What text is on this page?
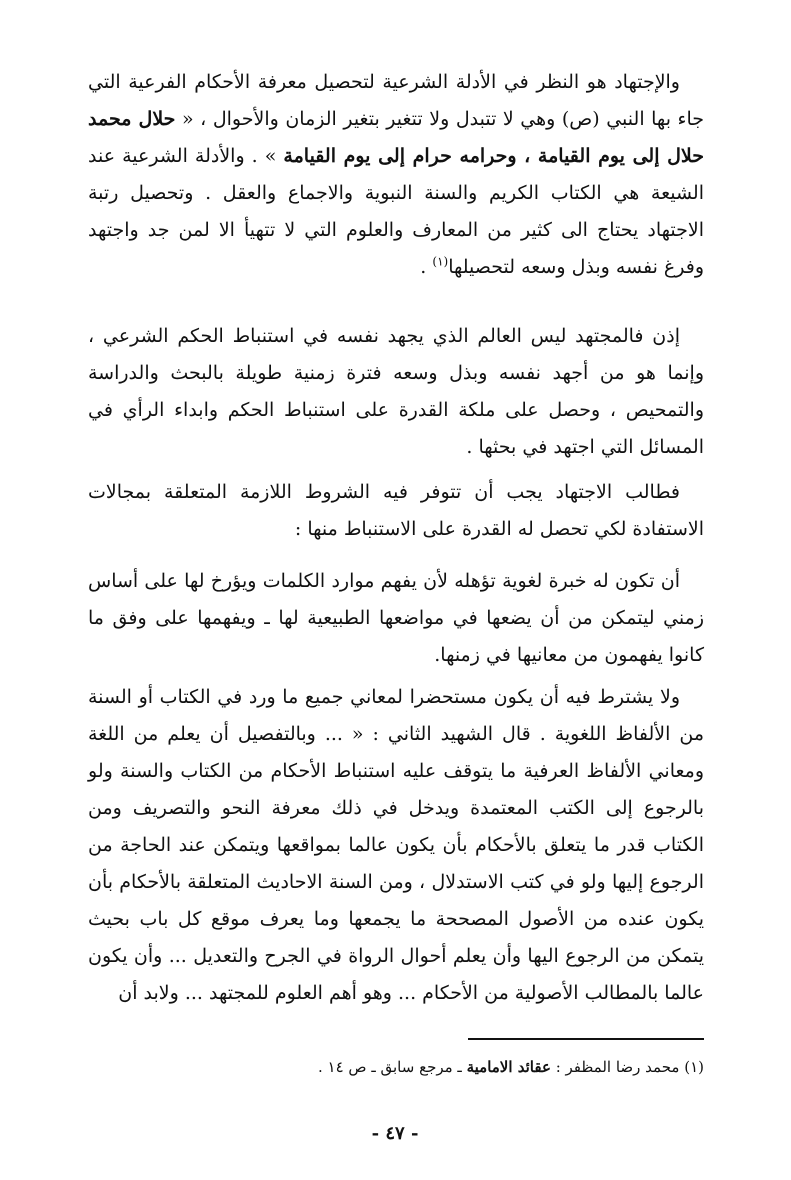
والإجتهاد هو النظر في الأدلة الشرعية لتحصيل معرفة الأحكام الفرعية التي جاء بها النبي (ص) وهي لا تتبدل ولا تتغير بتغير الزمان والأحوال ، « حلال محمد حلال إلى يوم القيامة ، وحرامه حرام إلى يوم القيامة » . والأدلة الشرعية عند الشيعة هي الكتاب الكريم والسنة النبوية والاجماع والعقل . وتحصيل رتبة الاجتهاد يحتاج الى كثير من المعارف والعلوم التي لا تتهيأ الا لمن جد واجتهد وفرغ نفسه وبذل وسعه لتحصيلها$^{(١)}$ .

إذن فالمجتهد ليس العالم الذي يجهد نفسه في استنباط الحكم الشرعي ، وإنما هو من أجهد نفسه وبذل وسعه فترة زمنية طويلة بالبحث والدراسة والتمحيص ، وحصل على ملكة القدرة على استنباط الحكم وابداء الرأي في المسائل التي اجتهد في بحثها .

فطالب الاجتهاد يجب أن تتوفر فيه الشروط اللازمة المتعلقة بمجالات الاستفادة لكي تحصل له القدرة على الاستنباط منها :

أن تكون له خبرة لغوية تؤهله لأن يفهم موارد الكلمات ويؤرخ لها على أساس زمني ليتمكن من أن يضعها في مواضعها الطبيعية لها ـ ويفهمها على وفق ما كانوا يفهمون من معانيها في زمنها.

ولا يشترط فيه أن يكون مستحضرا لمعاني جميع ما ورد في الكتاب أو السنة من الألفاظ اللغوية . قال الشهيد الثاني : « ... وبالتفصيل أن يعلم من اللغة ومعاني الألفاظ العرفية ما يتوقف عليه استنباط الأحكام من الكتاب والسنة ولو بالرجوع إلى الكتب المعتمدة ويدخل في ذلك معرفة النحو والتصريف ومن الكتاب قدر ما يتعلق بالأحكام بأن يكون عالما بمواقعها ويتمكن عند الحاجة من الرجوع إليها ولو في كتب الاستدلال ، ومن السنة الاحاديث المتعلقة بالأحكام بأن يكون عنده من الأصول المصححة ما يجمعها وما يعرف موقع كل باب بحيث يتمكن من الرجوع اليها وأن يعلم أحوال الرواة في الجرح والتعديل ... وأن يكون عالما بالمطالب الأصولية من الأحكام ... وهو أهم العلوم للمجتهد ... ولابد أن

(١) محمد رضا المظفر : عقائد الامامية ـ مرجع سابق ـ ص ١٤ .
- ٤٧ -
